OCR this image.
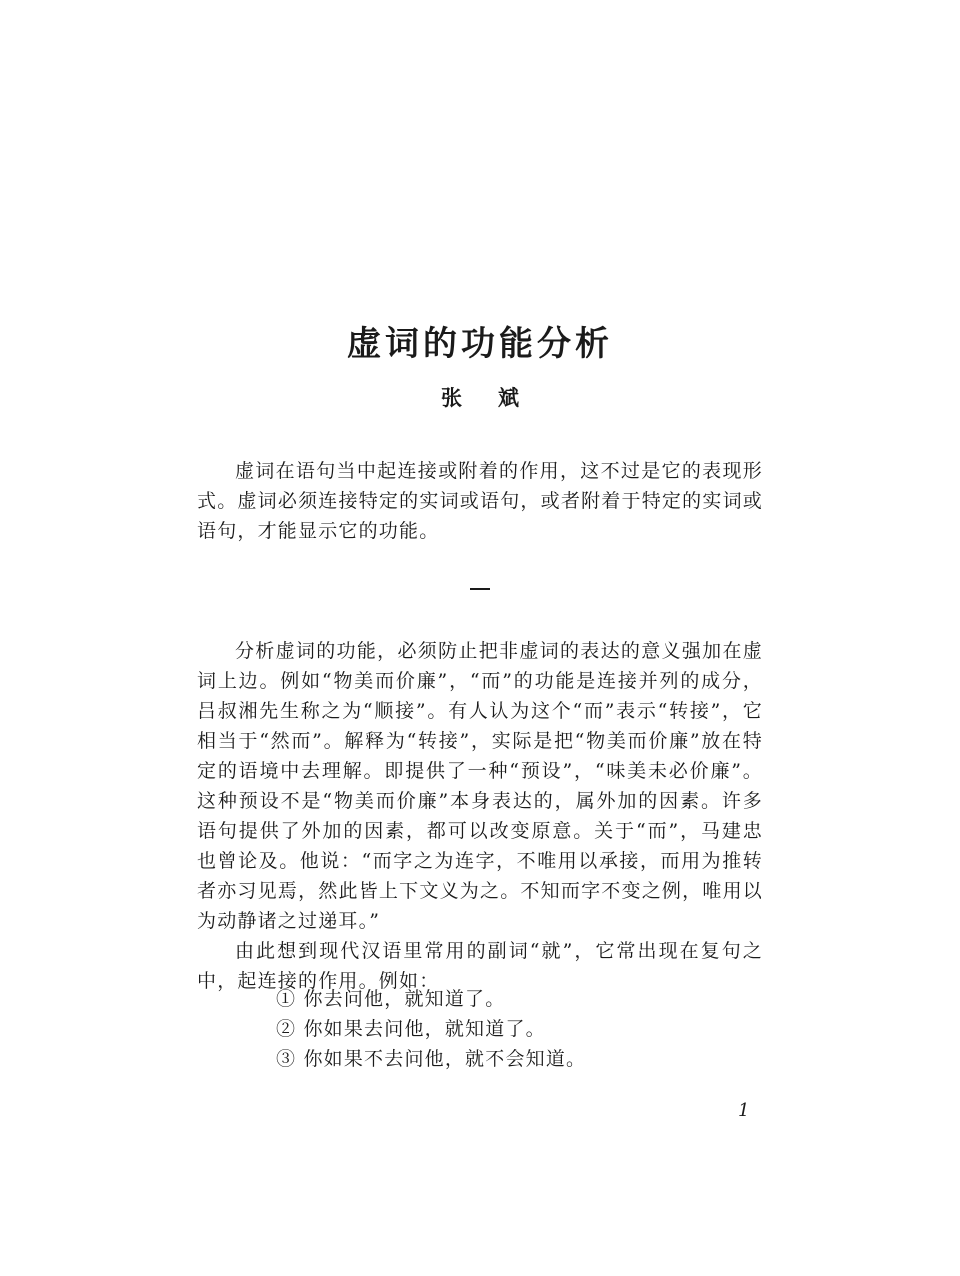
虚词的功能分析
张 斌

虚词在语句当中起连接或附着的作用，这不过是它的表现形式。虚词必须连接特定的实词或语句，或者附着于特定的实词或语句，才能显示它的功能。

分析虚词的功能，必须防止把非虚词的表达的意义强加在虚词上边。例如“物美而价廉”，“而”的功能是连接并列的成分，吕叔湘先生称之为“顺接”。有人认为这个“而”表示“转接”，它相当于“然而”。解释为“转接”，实际是把“物美而价廉”放在特定的语境中去理解。即提供了一种“预设”，“味美未必价廉”。这种预设不是“物美而价廉”本身表达的，属外加的因素。许多语句提供了外加的因素，都可以改变原意。关于“而”，马建忠也曾论及。他说：“而字之为连字，不唯用以承接，而用为推转者亦习见焉，然此皆上下文义为之。不知而字不变之例，唯用以为动静诸之过递耳。”

由此想到现代汉语里常用的副词“就”，它常出现在复句之中，起连接的作用。例如：

① 你去问他，就知道了。
② 你如果去问他，就知道了。
③ 你如果不去问他，就不会知道。
1
